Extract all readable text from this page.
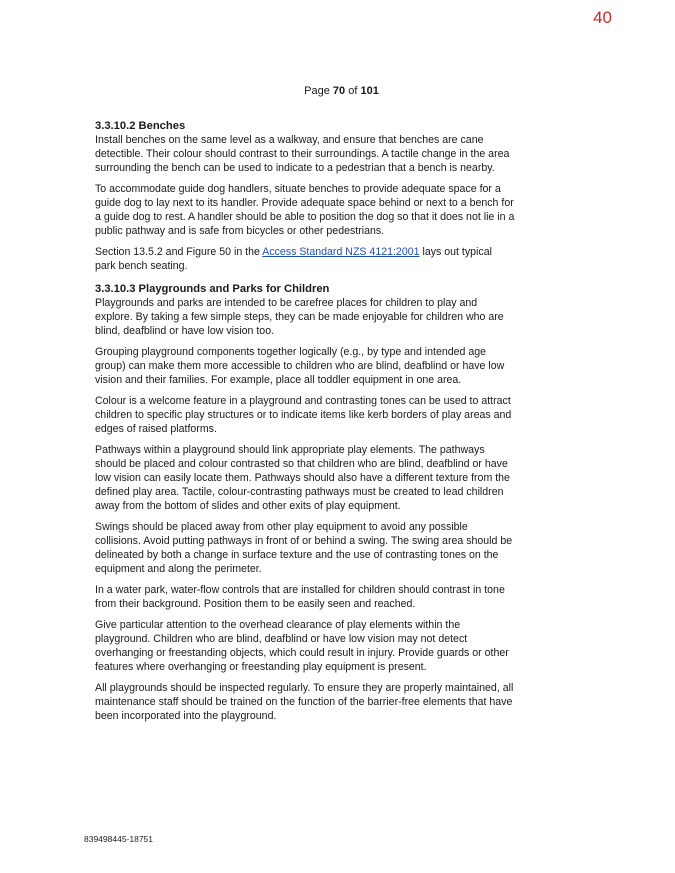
40
Page 70 of 101
3.3.10.2 Benches

Install benches on the same level as a walkway, and ensure that benches are cane detectible. Their colour should contrast to their surroundings. A tactile change in the area surrounding the bench can be used to indicate to a pedestrian that a bench is nearby.

To accommodate guide dog handlers, situate benches to provide adequate space for a guide dog to lay next to its handler. Provide adequate space behind or next to a bench for a guide dog to rest. A handler should be able to position the dog so that it does not lie in a public pathway and is safe from bicycles or other pedestrians.

Section 13.5.2 and Figure 50 in the Access Standard NZS 4121:2001 lays out typical park bench seating.

3.3.10.3 Playgrounds and Parks for Children

Playgrounds and parks are intended to be carefree places for children to play and explore. By taking a few simple steps, they can be made enjoyable for children who are blind, deafblind or have low vision too.

Grouping playground components together logically (e.g., by type and intended age group) can make them more accessible to children who are blind, deafblind or have low vision and their families. For example, place all toddler equipment in one area.

Colour is a welcome feature in a playground and contrasting tones can be used to attract children to specific play structures or to indicate items like kerb borders of play areas and edges of raised platforms.

Pathways within a playground should link appropriate play elements. The pathways should be placed and colour contrasted so that children who are blind, deafblind or have low vision can easily locate them. Pathways should also have a different texture from the defined play area. Tactile, colour-contrasting pathways must be created to lead children away from the bottom of slides and other exits of play equipment.

Swings should be placed away from other play equipment to avoid any possible collisions. Avoid putting pathways in front of or behind a swing. The swing area should be delineated by both a change in surface texture and the use of contrasting tones on the equipment and along the perimeter.

In a water park, water-flow controls that are installed for children should contrast in tone from their background. Position them to be easily seen and reached.

Give particular attention to the overhead clearance of play elements within the playground. Children who are blind, deafblind or have low vision may not detect overhanging or freestanding objects, which could result in injury. Provide guards or other features where overhanging or freestanding play equipment is present.

All playgrounds should be inspected regularly. To ensure they are properly maintained, all maintenance staff should be trained on the function of the barrier-free elements that have been incorporated into the playground.

839498445-18751
